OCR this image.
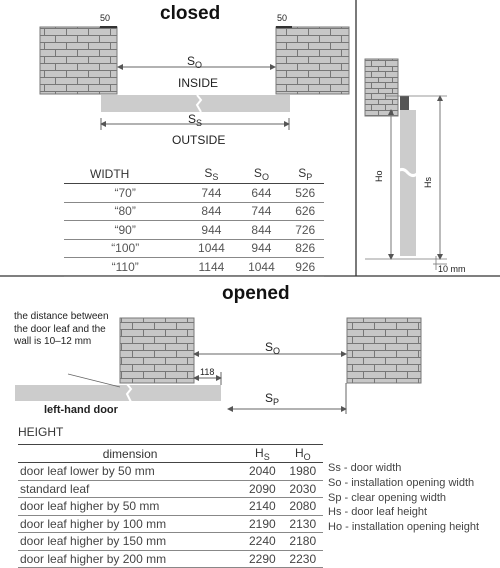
closed
50	50
$S_O$
INSIDE
$S_S$
OUTSIDE
Ho
Hs
10 mm
WIDTH	$S_S$	$S_O$	$S_P$
“70”	744	644	526
“80”	844	744	626
“90”	944	844	726
“100”	1044	944	826
“110”	1144	1044	926
opened
the distance between the door leaf and the wall is 10–12 mm	$S_O$
118
$S_P$
left-hand door
HEIGHT
dimension	$H_S$	$H_O$
door leaf lower by 50 mm	2040	1980
standard leaf	2090	2030
door leaf higher by 50 mm	2140	2080
door leaf higher by 100 mm	2190	2130
door leaf higher by 150 mm	2240	2180
door leaf higher by 200 mm	2290	2230
Ss - door width
So - installation opening width
Sp - clear opening width
Hs - door leaf height
Ho - installation opening height
